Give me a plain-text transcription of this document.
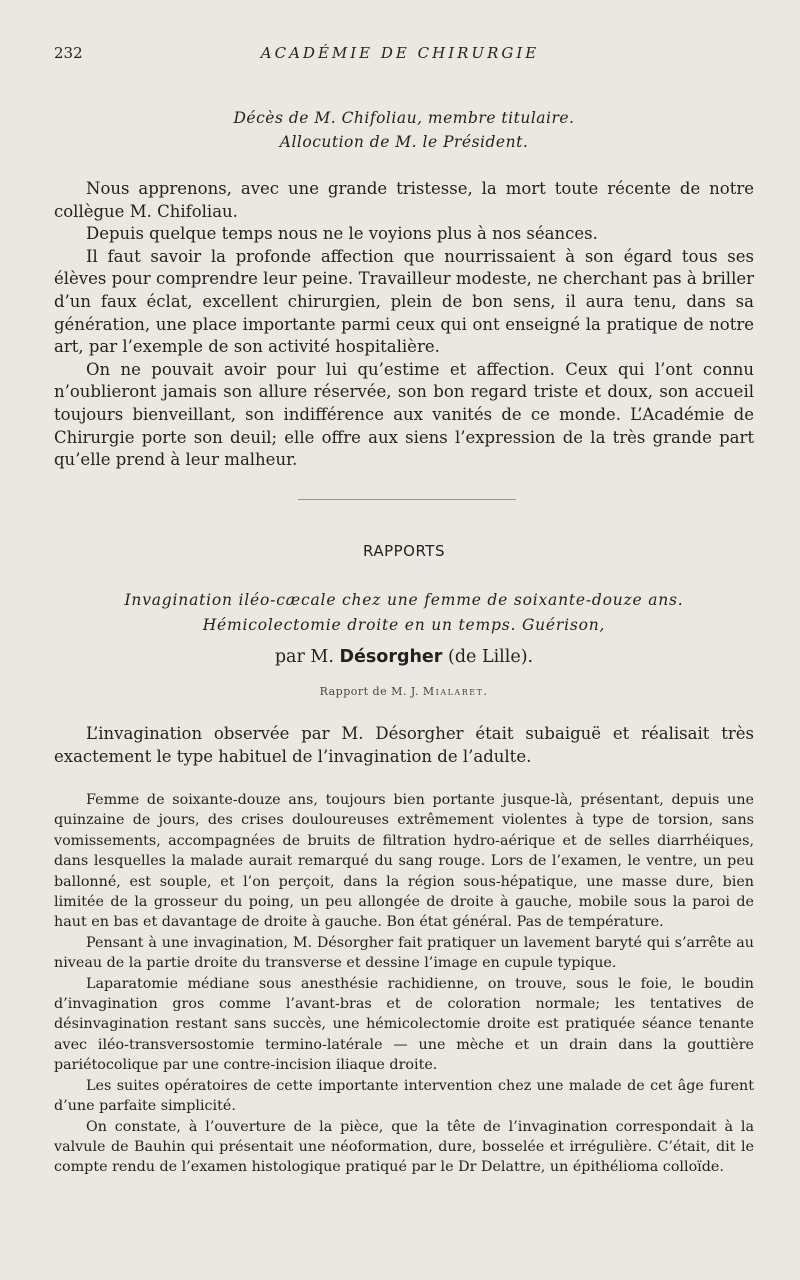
232	ACADÉMIE DE CHIRURGIE
Décès de M. Chifoliau, membre titulaire.
Allocution de M. le Président.

Nous apprenons, avec une grande tristesse, la mort toute récente de notre collègue M. Chifoliau.

Depuis quelque temps nous ne le voyions plus à nos séances.

Il faut savoir la profonde affection que nourrissaient à son égard tous ses élèves pour comprendre leur peine. Travailleur modeste, ne cherchant pas à briller d’un faux éclat, excellent chirurgien, plein de bon sens, il aura tenu, dans sa génération, une place importante parmi ceux qui ont enseigné la pratique de notre art, par l’exemple de son activité hospitalière.

On ne pouvait avoir pour lui qu’estime et affection. Ceux qui l’ont connu n’oublieront jamais son allure réservée, son bon regard triste et doux, son accueil toujours bienveillant, son indifférence aux vanités de ce monde. L’Académie de Chirurgie porte son deuil; elle offre aux siens l’expression de la très grande part qu’elle prend à leur malheur.

RAPPORTS
Invagination iléo-cæcale chez une femme de soixante-douze ans.
Hémicolectomie droite en un temps. Guérison,
par M. Désorgher (de Lille).
Rapport de M. J. Mialaret.

L’invagination observée par M. Désorgher était subaiguë et réalisait très exactement le type habituel de l’invagination de l’adulte.

Femme de soixante-douze ans, toujours bien portante jusque-là, présentant, depuis une quinzaine de jours, des crises douloureuses extrêmement violentes à type de torsion, sans vomissements, accompagnées de bruits de filtration hydro-aérique et de selles diarrhéiques, dans lesquelles la malade aurait remarqué du sang rouge. Lors de l’examen, le ventre, un peu ballonné, est souple, et l’on perçoit, dans la région sous-hépatique, une masse dure, bien limitée de la grosseur du poing, un peu allongée de droite à gauche, mobile sous la paroi de haut en bas et davantage de droite à gauche. Bon état général. Pas de température.

Pensant à une invagination, M. Désorgher fait pratiquer un lavement baryté qui s’arrête au niveau de la partie droite du transverse et dessine l’image en cupule typique.

Laparatomie médiane sous anesthésie rachidienne, on trouve, sous le foie, le boudin d’invagination gros comme l’avant-bras et de coloration normale; les tentatives de désinvagination restant sans succès, une hémicolectomie droite est pratiquée séance tenante avec iléo-transversostomie termino-latérale — une mèche et un drain dans la gouttière pariétocolique par une contre-incision iliaque droite.

Les suites opératoires de cette importante intervention chez une malade de cet âge furent d’une parfaite simplicité.

On constate, à l’ouverture de la pièce, que la tête de l’invagination correspondait à la valvule de Bauhin qui présentait une néoformation, dure, bosselée et irrégulière. C’était, dit le compte rendu de l’examen histologique pratiqué par le Dr Delattre, un épithélioma colloïde.
